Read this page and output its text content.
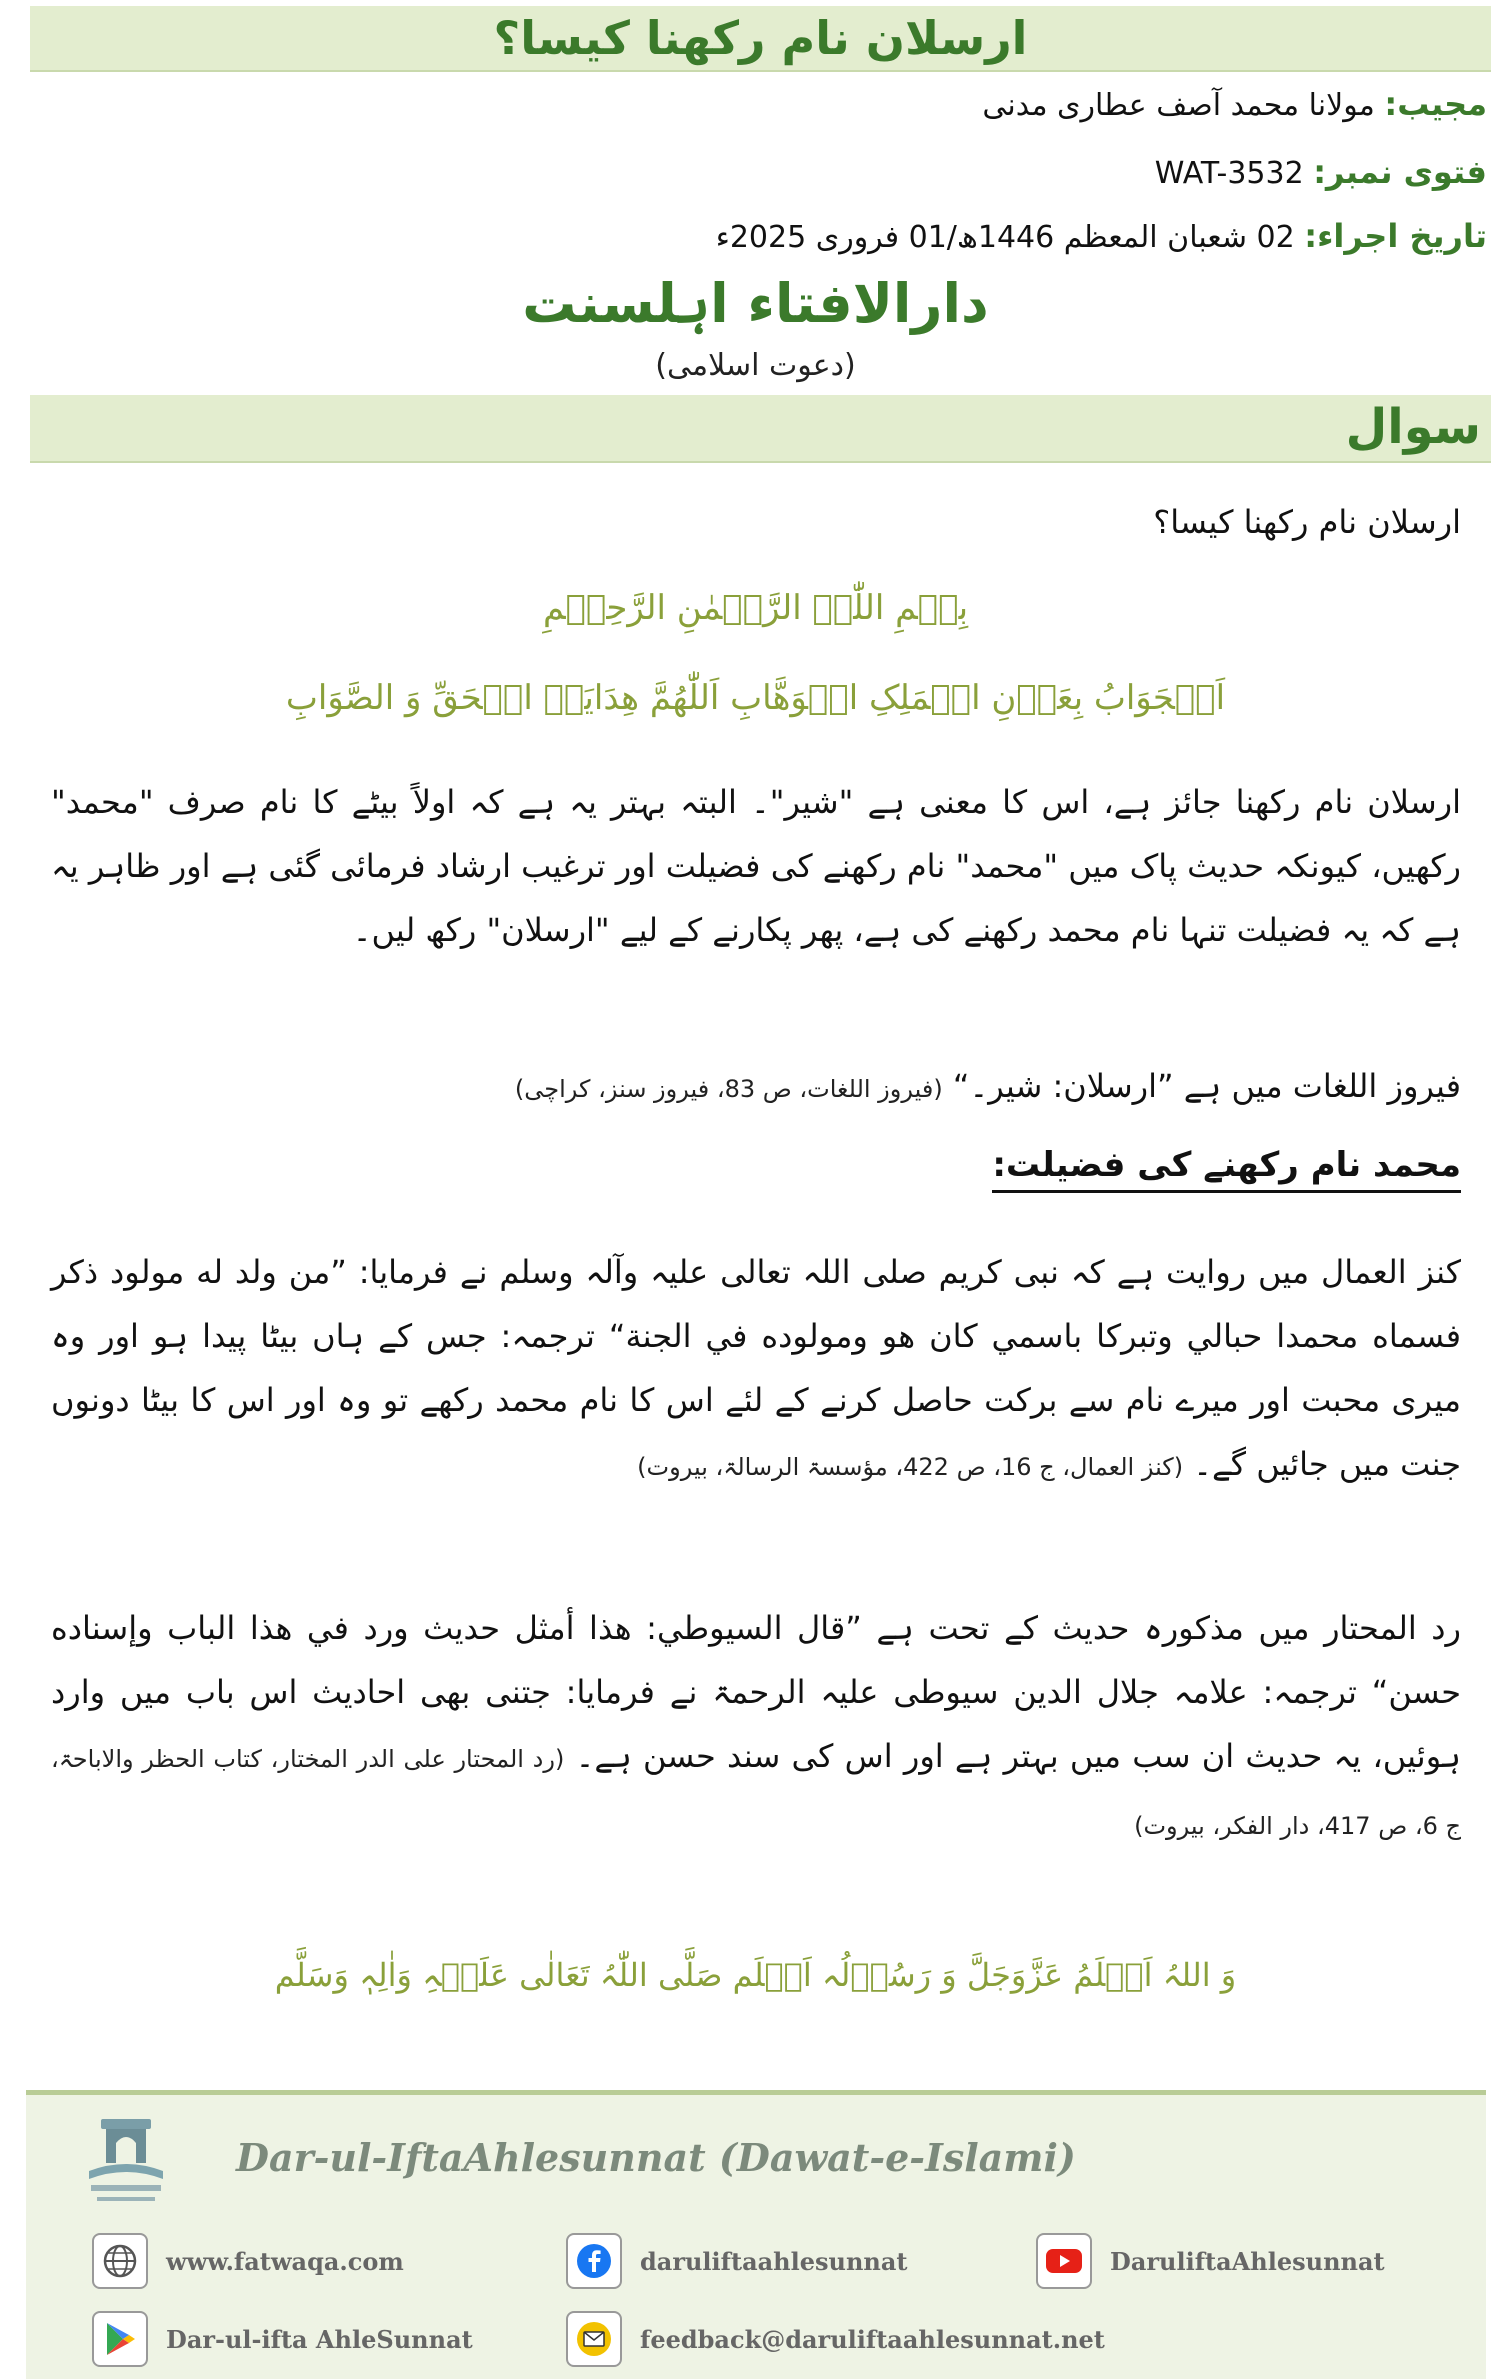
ارسلان نام رکھنا کیسا؟
مجیب: مولانا محمد آصف عطاری مدنی
فتوی نمبر: WAT-3532
تاریخ اجراء: 02 شعبان المعظم 1446ھ/01 فروری 2025ء
دارالافتاء اہلسنت
(دعوت اسلامی)
سوال
ارسلان نام رکھنا کیسا؟
بِسۡمِ اللّٰہِ الرَّحۡمٰنِ الرَّحِیۡمِ
اَلۡجَوَابُ بِعَوۡنِ الۡمَلِکِ الۡوَھَّابِ اَللّٰھُمَّ ھِدَایَۃَ الۡحَقِّ وَ الصَّوَابِ
ارسلان نام رکھنا جائز ہے، اس کا معنی ہے "شیر"۔ البتہ بہتر یہ ہے کہ اولاً بیٹے کا نام صرف "محمد" رکھیں، کیونکہ حدیث پاک میں "محمد" نام رکھنے کی فضیلت اور ترغیب ارشاد فرمائی گئی ہے اور ظاہر یہ ہے کہ یہ فضیلت تنہا نام محمد رکھنے کی ہے، پھر پکارنے کے لیے "ارسلان" رکھ لیں۔
فیروز اللغات میں ہے ”ارسلان: شیر۔“ (فیروز اللغات، ص 83، فیروز سنز، کراچی)
محمد نام رکھنے کی فضیلت:
کنز العمال میں روایت ہے کہ نبی کریم صلی اللہ تعالی علیہ وآلہ وسلم نے فرمایا: ”من ولد له مولود ذكر فسماه محمدا حبالي وتبركا باسمي كان هو ومولوده في الجنة“ ترجمہ: جس کے ہاں بیٹا پیدا ہو اور وہ میری محبت اور میرے نام سے برکت حاصل کرنے کے لئے اس کا نام محمد رکھے تو وہ اور اس کا بیٹا دونوں جنت میں جائیں گے۔ (کنز العمال، ج 16، ص 422، مؤسسۃ الرسالۃ، بیروت)
رد المحتار میں مذکورہ حدیث کے تحت ہے ”قال السيوطي: هذا أمثل حديث ورد في هذا الباب وإسناده حسن“ ترجمہ: علامہ جلال الدین سیوطی علیہ الرحمۃ نے فرمایا: جتنی بھی احادیث اس باب میں وارد ہوئیں، یہ حدیث ان سب میں بہتر ہے اور اس کی سند حسن ہے۔ (رد المحتار علی الدر المختار، کتاب الحظر والاباحۃ، ج 6، ص 417، دار الفکر، بیروت)
وَ اللہُ اَعۡلَمُ عَزَّوَجَلَّ وَ رَسُوۡلُہ اَعۡلَم صَلَّی اللّٰہُ تَعَالٰی عَلَیۡہِ وَاٰلِہٖ وَسَلَّم
Dar-ul-IftaAhlesunnat (Dawat-e-Islami)
www.fatwaqa.com	daruliftaahlesunnat	DaruliftaAhlesunnat
Dar-ul-ifta AhleSunnat	feedback@daruliftaahlesunnat.net
